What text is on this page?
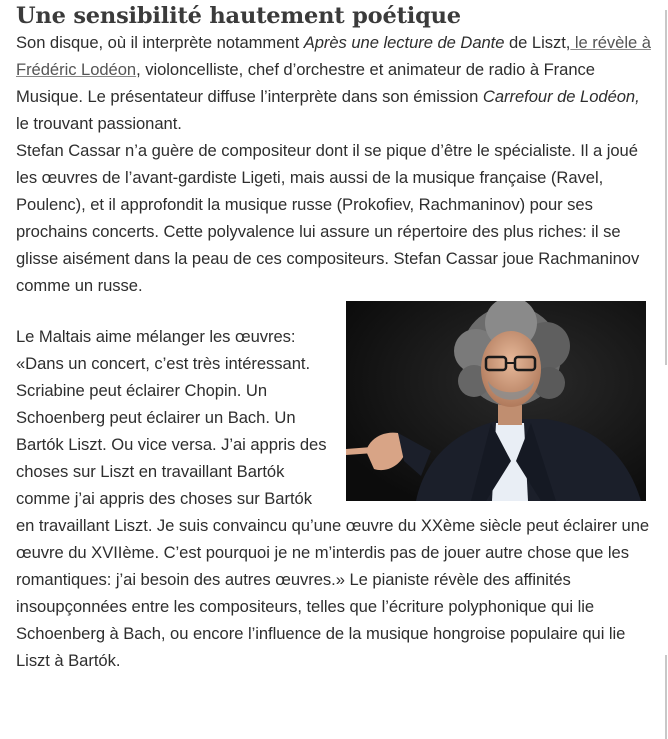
Une sensibilité hautement poétique

Son disque, où il interprète notamment Après une lecture de Dante de Liszt, le révèle à Frédéric Lodéon, violoncelliste, chef d’orchestre et animateur de radio à France Musique. Le présentateur diffuse l’interprète dans son émission Carrefour de Lodéon, le trouvant passionant.

Stefan Cassar n’a guère de compositeur dont il se pique d’être le spécialiste. Il a joué les œuvres de l’avant-gardiste Ligeti, mais aussi de la musique française (Ravel, Poulenc), et il approfondit la musique russe (Prokofiev, Rachmaninov) pour ses prochains concerts. Cette polyvalence lui assure un répertoire des plus riches: il se glisse aisément dans la peau de ces compositeurs. Stefan Cassar joue Rachmaninov comme un russe.

Le Maltais aime mélanger les œuvres: «Dans un concert, c’est très intéressant. Scriabine peut éclairer Chopin. Un Schoenberg peut éclairer un Bach. Un Bartók Liszt. Ou vice versa. J’ai appris des choses sur Liszt en travaillant Bartók comme j’ai appris des choses sur Bartók en travaillant Liszt. Je suis convaincu qu’une œuvre du XXème siècle peut éclairer une œuvre du XVIIème. C’est pourquoi je ne m’interdis pas de jouer autre chose que les romantiques: j’ai besoin des autres œuvres.» Le pianiste révèle des affinités insoupçonnées entre les compositeurs, telles que l’écriture polyphonique qui lie Schoenberg à Bach, ou encore l’influence de la musique hongroise populaire qui lie Liszt à Bartók.
